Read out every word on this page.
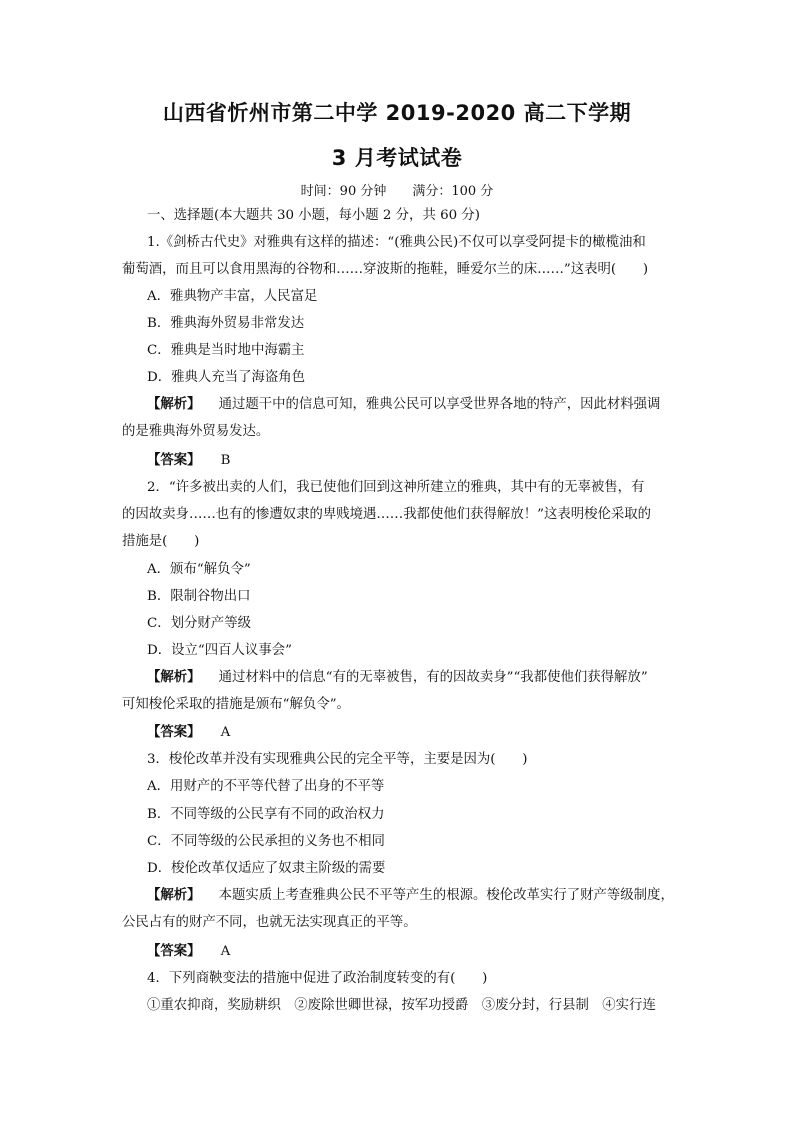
山西省忻州市第二中学 2019-2020 高二下学期
3 月考试试卷
时间：90 分钟 满分：100 分
一、选择题(本大题共 30 小题，每小题 2 分，共 60 分)
1.《剑桥古代史》对雅典有这样的描述：“(雅典公民)不仅可以享受阿提卡的橄榄油和
葡萄酒，而且可以食用黑海的谷物和……穿波斯的拖鞋，睡爱尔兰的床……”这表明(　　)
A．雅典物产丰富，人民富足
B．雅典海外贸易非常发达
C．雅典是当时地中海霸主
D．雅典人充当了海盗角色
【解析】 通过题干中的信息可知，雅典公民可以享受世界各地的特产，因此材料强调
的是雅典海外贸易发达。
【答案】 B
2．“许多被出卖的人们，我已使他们回到这神所建立的雅典，其中有的无辜被售，有
的因故卖身……也有的惨遭奴隶的卑贱境遇……我都使他们获得解放！”这表明梭伦采取的
措施是(　　)
A．颁布“解负令”
B．限制谷物出口
C．划分财产等级
D．设立“四百人议事会”
【解析】 通过材料中的信息“有的无辜被售，有的因故卖身”“我都使他们获得解放”
可知梭伦采取的措施是颁布“解负令”。
【答案】 A
3．梭伦改革并没有实现雅典公民的完全平等，主要是因为(　　)
A．用财产的不平等代替了出身的不平等
B．不同等级的公民享有不同的政治权力
C．不同等级的公民承担的义务也不相同
D．梭伦改革仅适应了奴隶主阶级的需要
【解析】 本题实质上考查雅典公民不平等产生的根源。梭伦改革实行了财产等级制度，
公民占有的财产不同，也就无法实现真正的平等。
【答案】 A
4．下列商鞅变法的措施中促进了政治制度转变的有(　　)
①重农抑商，奖励耕织　②废除世卿世禄，按军功授爵　③废分封，行县制　④实行连
